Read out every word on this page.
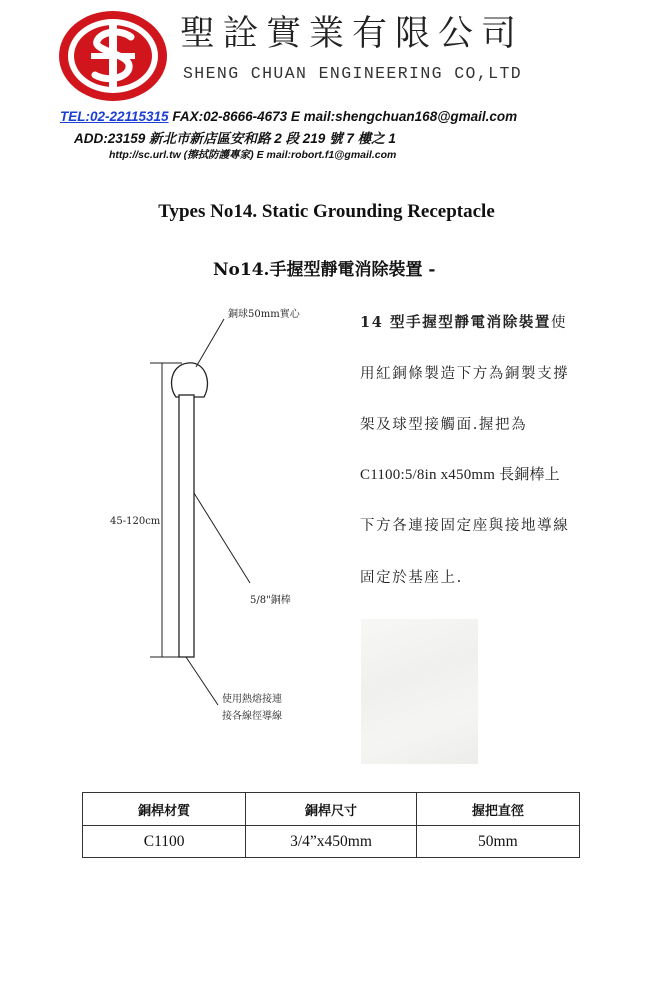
聖詮實業有限公司
SHENG CHUAN ENGINEERING CO,LTD
TEL:02-22115315 FAX:02-8666-4673 E mail:shengchuan168@gmail.com
ADD:23159 新北市新店區安和路 2 段 219 號 7 樓之 1
http://sc.url.tw (擦拭防護專家) E mail:robort.f1@gmail.com
Types No14. Static Grounding Receptacle
No14.手握型靜電消除裝置 -
銅球50mm實心
45-120cm
5/8"銅棒
使用熱熔接連
接各線徑導線
14 型手握型靜電消除裝置使
用紅銅條製造下方為銅製支撐
架及球型接觸面.握把為
C1100:5/8in x450mm 長銅棒上
下方各連接固定座與接地導線
固定於基座上.
銅桿材質	銅桿尺寸	握把直徑
C1100	3/4”x450mm	50mm
